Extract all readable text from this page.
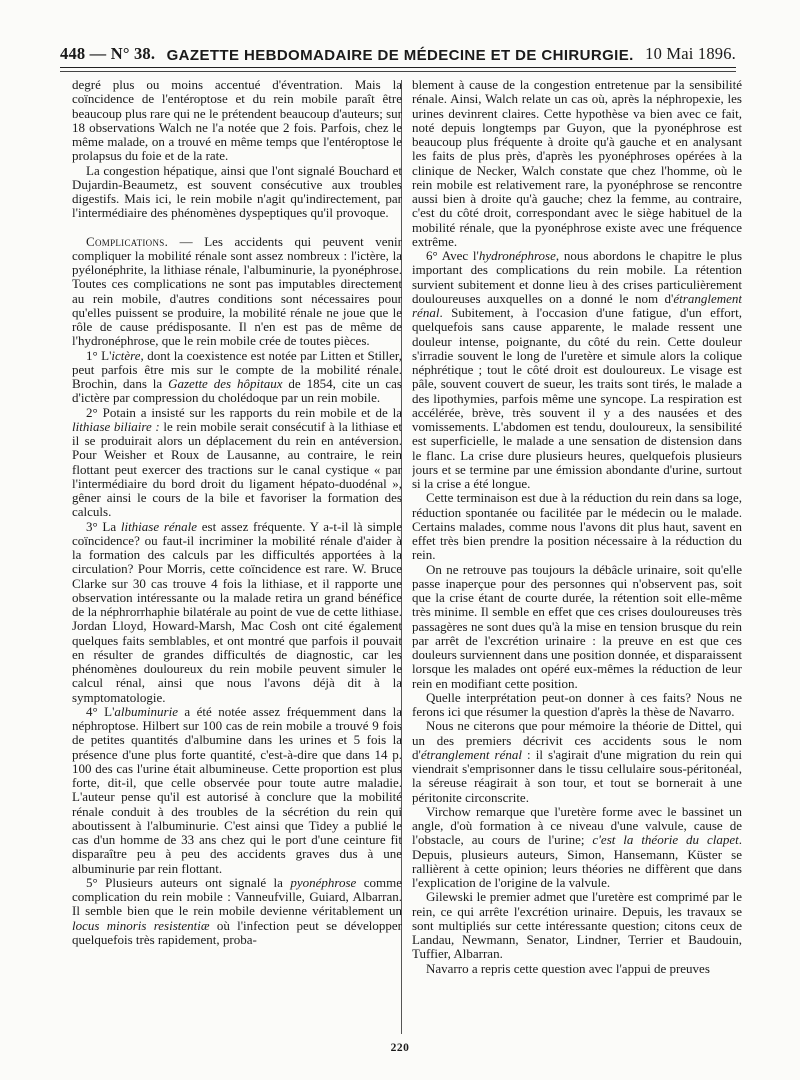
448 — N° 38. GAZETTE HEBDOMADAIRE DE MÉDECINE ET DE CHIRURGIE. 10 Mai 1896.

degré plus ou moins accentué d'éventration. Mais la coïncidence de l'entéroptose et du rein mobile paraît être beaucoup plus rare qui ne le prétendent beaucoup d'auteurs; sur 18 observations Walch ne l'a notée que 2 fois. Parfois, chez le même malade, on a trouvé en même temps que l'entéroptose le prolapsus du foie et de la rate.

La congestion hépatique, ainsi que l'ont signalé Bouchard et Dujardin-Beaumetz, est souvent consécutive aux troubles digestifs. Mais ici, le rein mobile n'agit qu'indirectement, par l'intermédiaire des phénomènes dyspeptiques qu'il provoque.

Complications. — Les accidents qui peuvent venir compliquer la mobilité rénale sont assez nombreux : l'ictère, la pyélonéphrite, la lithiase rénale, l'albuminurie, la pyonéphrose. Toutes ces complications ne sont pas imputables directement au rein mobile, d'autres conditions sont nécessaires pour qu'elles puissent se produire, la mobilité rénale ne joue que le rôle de cause prédisposante. Il n'en est pas de même de l'hydronéphrose, que le rein mobile crée de toutes pièces.

1° L'ictère, dont la coexistence est notée par Litten et Stiller, peut parfois être mis sur le compte de la mobilité rénale. Brochin, dans la Gazette des hôpitaux de 1854, cite un cas d'ictère par compression du cholédoque par un rein mobile.

2° Potain a insisté sur les rapports du rein mobile et de la lithiase biliaire : le rein mobile serait consécutif à la lithiase et il se produirait alors un déplacement du rein en antéversion. Pour Weisher et Roux de Lausanne, au contraire, le rein flottant peut exercer des tractions sur le canal cystique « par l'intermédiaire du bord droit du ligament hépato-duodénal », gêner ainsi le cours de la bile et favoriser la formation des calculs.

3° La lithiase rénale est assez fréquente. Y a-t-il là simple coïncidence? ou faut-il incriminer la mobilité rénale d'aider à la formation des calculs par les difficultés apportées à la circulation? Pour Morris, cette coïncidence est rare. W. Bruce Clarke sur 30 cas trouve 4 fois la lithiase, et il rapporte une observation intéressante ou la malade retira un grand bénéfice de la néphrorrhaphie bilatérale au point de vue de cette lithiase. Jordan Lloyd, Howard-Marsh, Mac Cosh ont cité également quelques faits semblables, et ont montré que parfois il pouvait en résulter de grandes difficultés de diagnostic, car les phénomènes douloureux du rein mobile peuvent simuler le calcul rénal, ainsi que nous l'avons déjà dit à la symptomatologie.

4° L'albuminurie a été notée assez fréquemment dans la néphroptose. Hilbert sur 100 cas de rein mobile a trouvé 9 fois de petites quantités d'albumine dans les urines et 5 fois la présence d'une plus forte quantité, c'est-à-dire que dans 14 p. 100 des cas l'urine était albumineuse. Cette proportion est plus forte, dit-il, que celle observée pour toute autre maladie. L'auteur pense qu'il est autorisé à conclure que la mobilité rénale conduit à des troubles de la sécrétion du rein qui aboutissent à l'albuminurie. C'est ainsi que Tidey a publié le cas d'un homme de 33 ans chez qui le port d'une ceinture fit disparaître peu à peu des accidents graves dus à une albuminurie par rein flottant.

5° Plusieurs auteurs ont signalé la pyonéphrose comme complication du rein mobile : Vanneufville, Guiard, Albarran. Il semble bien que le rein mobile devienne véritablement un locus minoris resistentiæ où l'infection peut se développer quelquefois très rapidement, proba-

blement à cause de la congestion entretenue par la sensibilité rénale. Ainsi, Walch relate un cas où, après la néphropexie, les urines devinrent claires. Cette hypothèse va bien avec ce fait, noté depuis longtemps par Guyon, que la pyonéphrose est beaucoup plus fréquente à droite qu'à gauche et en analysant les faits de plus près, d'après les pyonéphroses opérées à la clinique de Necker, Walch constate que chez l'homme, où le rein mobile est relativement rare, la pyonéphrose se rencontre aussi bien à droite qu'à gauche; chez la femme, au contraire, c'est du côté droit, correspondant avec le siège habituel de la mobilité rénale, que la pyonéphrose existe avec une fréquence extrême.

6° Avec l'hydronéphrose, nous abordons le chapitre le plus important des complications du rein mobile. La rétention survient subitement et donne lieu à des crises particulièrement douloureuses auxquelles on a donné le nom d'étranglement rénal. Subitement, à l'occasion d'une fatigue, d'un effort, quelquefois sans cause apparente, le malade ressent une douleur intense, poignante, du côté du rein. Cette douleur s'irradie souvent le long de l'uretère et simule alors la colique néphrétique ; tout le côté droit est douloureux. Le visage est pâle, souvent couvert de sueur, les traits sont tirés, le malade a des lipothymies, parfois même une syncope. La respiration est accélérée, brève, très souvent il y a des nausées et des vomissements. L'abdomen est tendu, douloureux, la sensibilité est superficielle, le malade a une sensation de distension dans le flanc. La crise dure plusieurs heures, quelquefois plusieurs jours et se termine par une émission abondante d'urine, surtout si la crise a été longue.

Cette terminaison est due à la réduction du rein dans sa loge, réduction spontanée ou facilitée par le médecin ou le malade. Certains malades, comme nous l'avons dit plus haut, savent en effet très bien prendre la position nécessaire à la réduction du rein.

On ne retrouve pas toujours la débâcle urinaire, soit qu'elle passe inaperçue pour des personnes qui n'observent pas, soit que la crise étant de courte durée, la rétention soit elle-même très minime. Il semble en effet que ces crises douloureuses très passagères ne sont dues qu'à la mise en tension brusque du rein par arrêt de l'excrétion urinaire : la preuve en est que ces douleurs surviennent dans une position donnée, et disparaissent lorsque les malades ont opéré eux-mêmes la réduction de leur rein en modifiant cette position.

Quelle interprétation peut-on donner à ces faits? Nous ne ferons ici que résumer la question d'après la thèse de Navarro.

Nous ne citerons que pour mémoire la théorie de Dittel, qui un des premiers décrivit ces accidents sous le nom d'étranglement rénal : il s'agirait d'une migration du rein qui viendrait s'emprisonner dans le tissu cellulaire sous-péritonéal, la séreuse réagirait à son tour, et tout se bornerait à une péritonite circonscrite.

Virchow remarque que l'uretère forme avec le bassinet un angle, d'où formation à ce niveau d'une valvule, cause de l'obstacle, au cours de l'urine; c'est la théorie du clapet. Depuis, plusieurs auteurs, Simon, Hansemann, Küster se rallièrent à cette opinion; leurs théories ne diffèrent que dans l'explication de l'origine de la valvule.

Gilewski le premier admet que l'uretère est comprimé par le rein, ce qui arrête l'excrétion urinaire. Depuis, les travaux se sont multipliés sur cette intéressante question; citons ceux de Landau, Newmann, Senator, Lindner, Terrier et Baudouin, Tuffier, Albarran.

Navarro a repris cette question avec l'appui de preuves

220
